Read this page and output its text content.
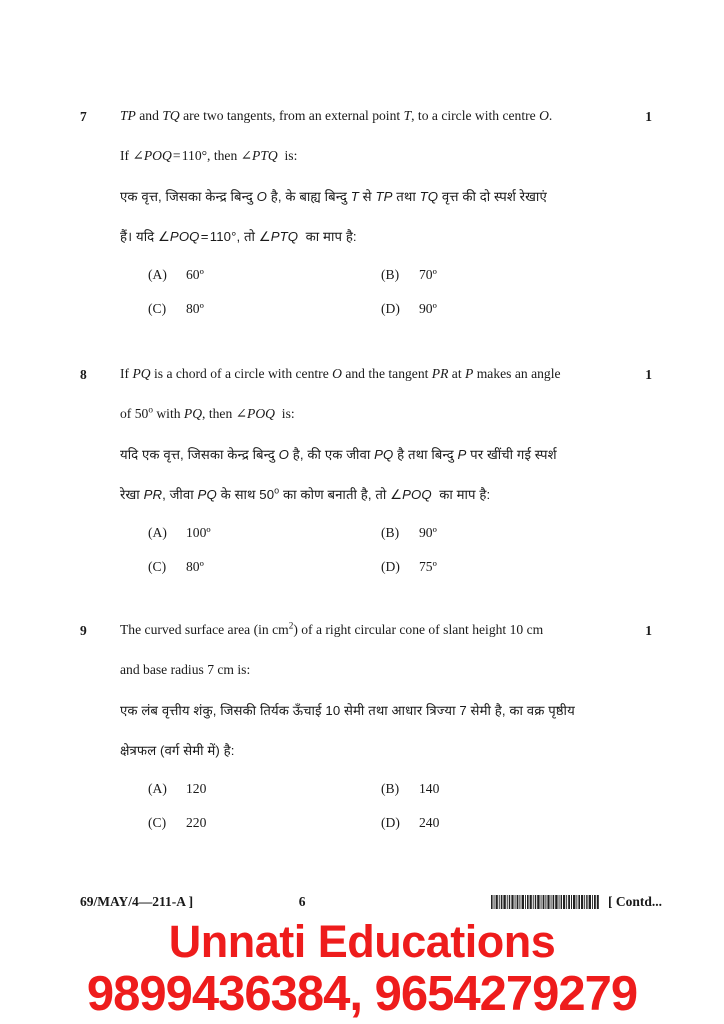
7	TP and TQ are two tangents, from an external point T, to a circle with centre O.
If ∠POQ = 110°, then ∠PTQ  is:
एक वृत्त, जिसका केन्द्र बिन्दु O है, के बाह्य बिन्दु T से TP तथा TQ वृत्त की दो स्पर्श रेखाएं
हैं। यदि ∠POQ = 110°, तो ∠PTQ  का माप है:
(A)	60º	(B)	70º
(C)	80º	(D)	90º
1
8	If PQ is a chord of a circle with centre O and the tangent PR at P makes an angle
of 50$^o$ with PQ, then ∠POQ  is:
यदि एक वृत्त, जिसका केन्द्र बिन्दु O है, की एक जीवा PQ है तथा बिन्दु P पर खींची गई स्पर्श
रेखा PR, जीवा PQ के साथ 50$^o$ का कोण बनाती है, तो ∠POQ  का माप है:
(A)	100º	(B)	90º
(C)	80º	(D)	75º
1
9	The curved surface area (in $cm^2$) of a right circular cone of slant height 10 cm
and base radius 7 cm is:
एक लंब वृत्तीय शंकु, जिसकी तिर्यक ऊँचाई 10 सेमी तथा आधार त्रिज्या 7 सेमी है, का वक्र पृष्ठीय
क्षेत्रफल (वर्ग सेमी में) है:
(A)	120	(B)	140
(C)	220	(D)	240
1
69/MAY/4—211-A ]	6	[ Contd...
Unnati Educations
9899436384, 9654279279
